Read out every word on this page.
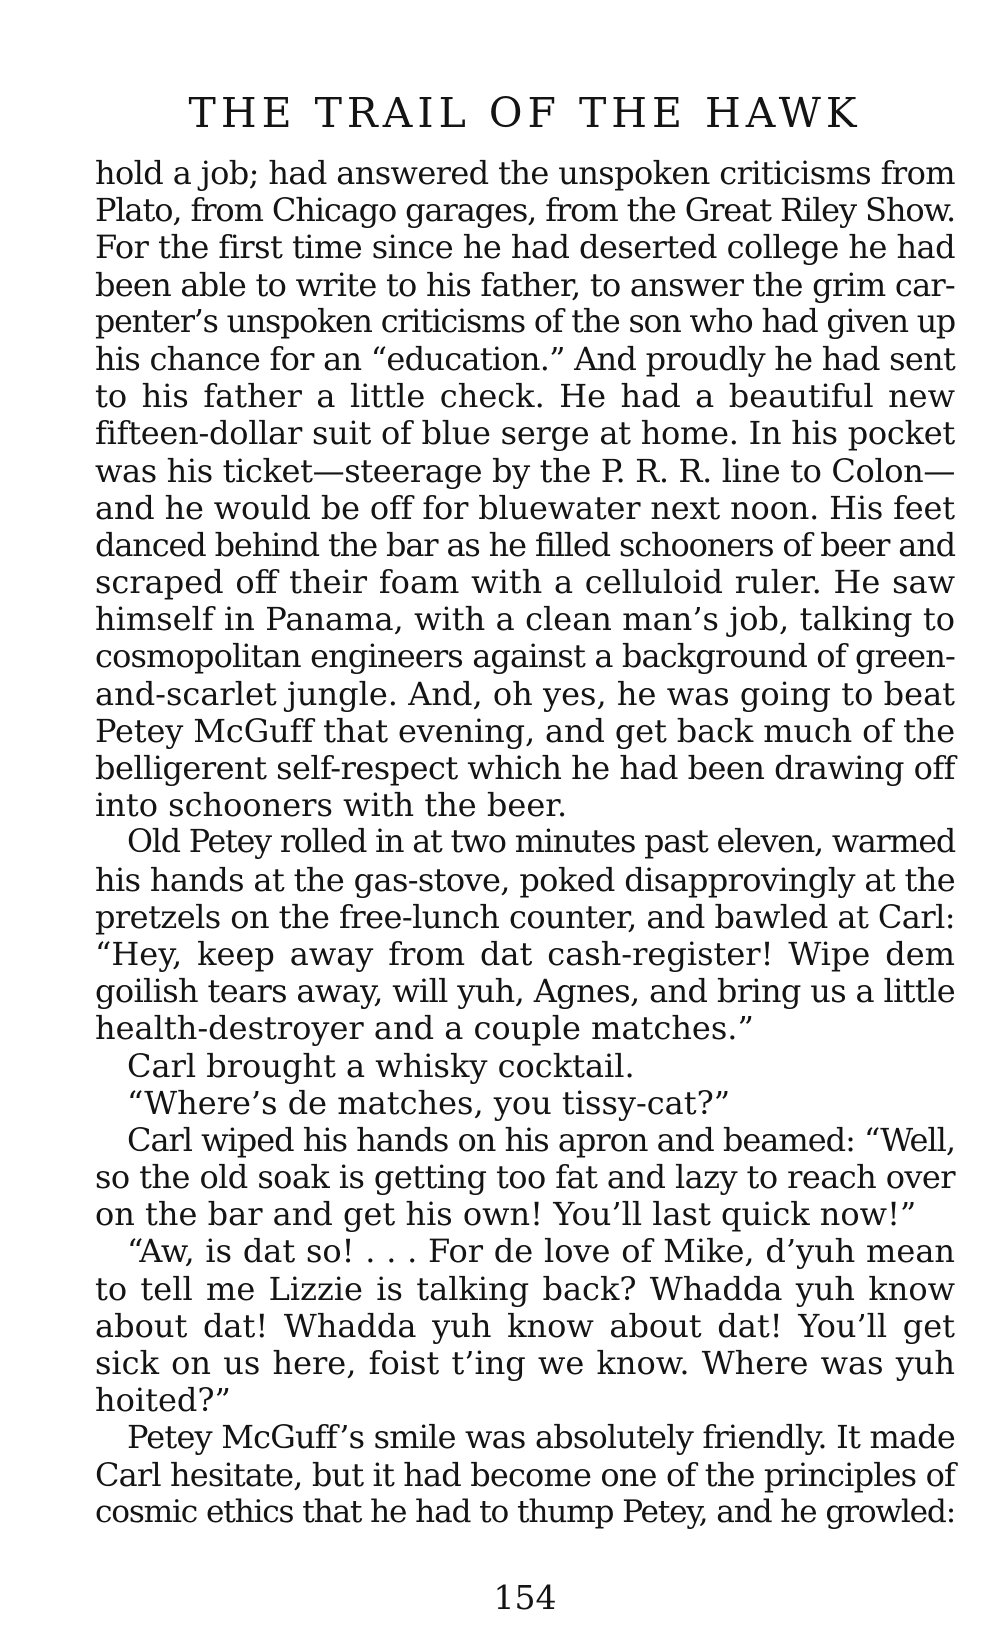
THE TRAIL OF THE HAWK
hold a job; had answered the unspoken criticisms from
Plato, from Chicago garages, from the Great Riley Show.
For the first time since he had deserted college he had
been able to write to his father, to answer the grim car-
penter’s unspoken criticisms of the son who had given up
his chance for an “education.” And proudly he had sent
to his father a little check. He had a beautiful new
fifteen-dollar suit of blue serge at home. In his pocket
was his ticket—steerage by the P. R. R. line to Colon—
and he would be off for bluewater next noon. His feet
danced behind the bar as he filled schooners of beer and
scraped off their foam with a celluloid ruler. He saw
himself in Panama, with a clean man’s job, talking to
cosmopolitan engineers against a background of green-
and-scarlet jungle. And, oh yes, he was going to beat
Petey McGuff that evening, and get back much of the
belligerent self-respect which he had been drawing off
into schooners with the beer.
Old Petey rolled in at two minutes past eleven, warmed
his hands at the gas-stove, poked disapprovingly at the
pretzels on the free-lunch counter, and bawled at Carl:
“Hey, keep away from dat cash-register! Wipe dem
goilish tears away, will yuh, Agnes, and bring us a little
health-destroyer and a couple matches.”
Carl brought a whisky cocktail.
“Where’s de matches, you tissy-cat?”
Carl wiped his hands on his apron and beamed: “Well,
so the old soak is getting too fat and lazy to reach over
on the bar and get his own! You’ll last quick now!”
“Aw, is dat so! . . . For de love of Mike, d’yuh mean
to tell me Lizzie is talking back? Whadda yuh know
about dat! Whadda yuh know about dat! You’ll get
sick on us here, foist t’ing we know. Where was yuh
hoited?”
Petey McGuff’s smile was absolutely friendly. It made
Carl hesitate, but it had become one of the principles of
cosmic ethics that he had to thump Petey, and he growled:
154
